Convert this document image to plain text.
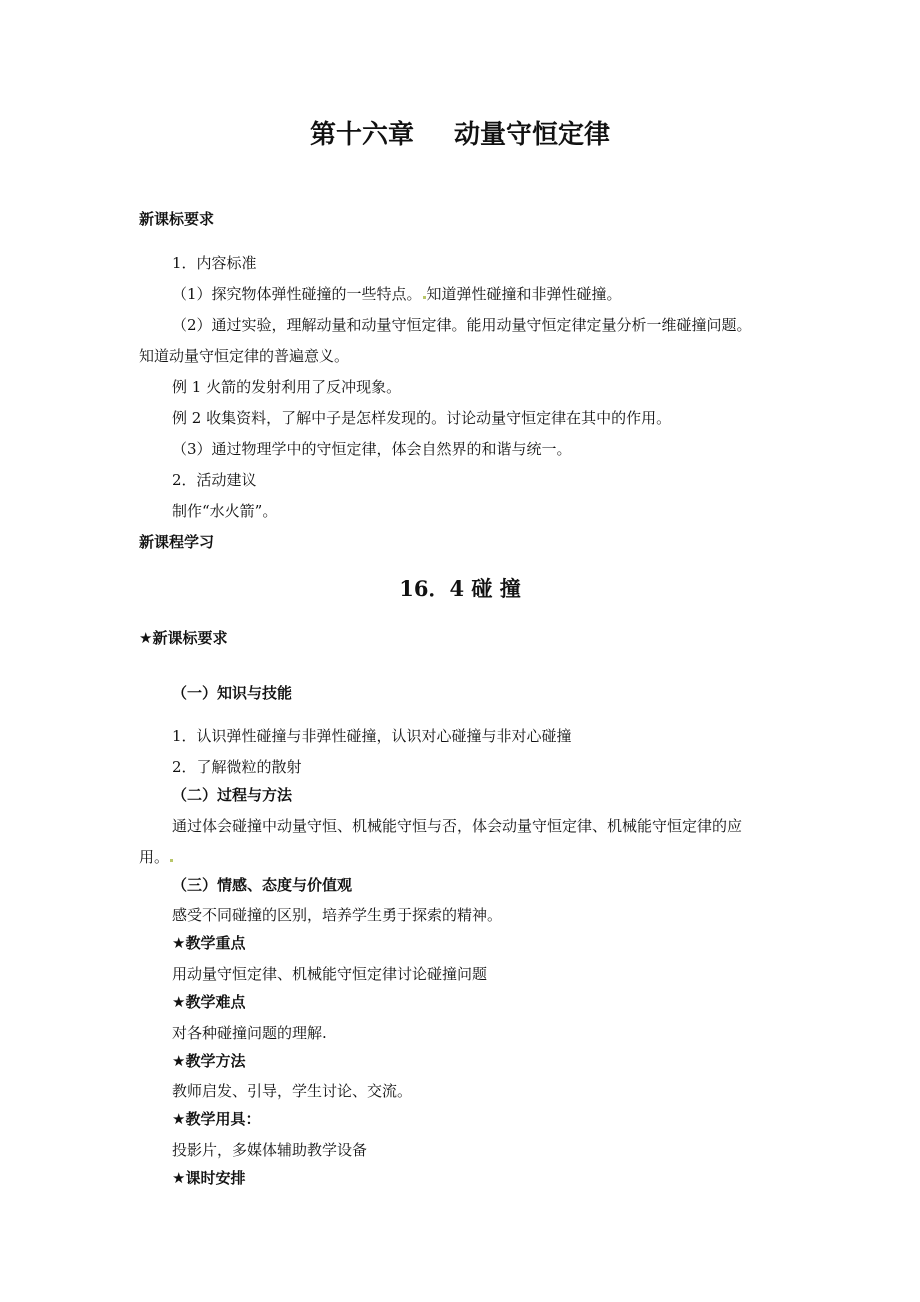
第十六章 动量守恒定律
新课标要求
1．内容标准
（1）探究物体弹性碰撞的一些特点。 知道弹性碰撞和非弹性碰撞。
（2）通过实验，理解动量和动量守恒定律。能用动量守恒定律定量分析一维碰撞问题。
知道动量守恒定律的普遍意义。
例 1 火箭的发射利用了反冲现象。
例 2 收集资料，了解中子是怎样发现的。讨论动量守恒定律在其中的作用。
（3）通过物理学中的守恒定律，体会自然界的和谐与统一。
2．活动建议
制作“水火箭”。
新课程学习
16．4 碰 撞
★新课标要求
（一）知识与技能
1．认识弹性碰撞与非弹性碰撞，认识对心碰撞与非对心碰撞
2．了解微粒的散射
（二）过程与方法
通过体会碰撞中动量守恒、机械能守恒与否，体会动量守恒定律、机械能守恒定律的应
用。
（三）情感、态度与价值观
感受不同碰撞的区别，培养学生勇于探索的精神。
★教学重点
用动量守恒定律、机械能守恒定律讨论碰撞问题
★教学难点
对各种碰撞问题的理解.
★教学方法
教师启发、引导，学生讨论、交流。
★教学用具：
投影片，多媒体辅助教学设备
★课时安排
